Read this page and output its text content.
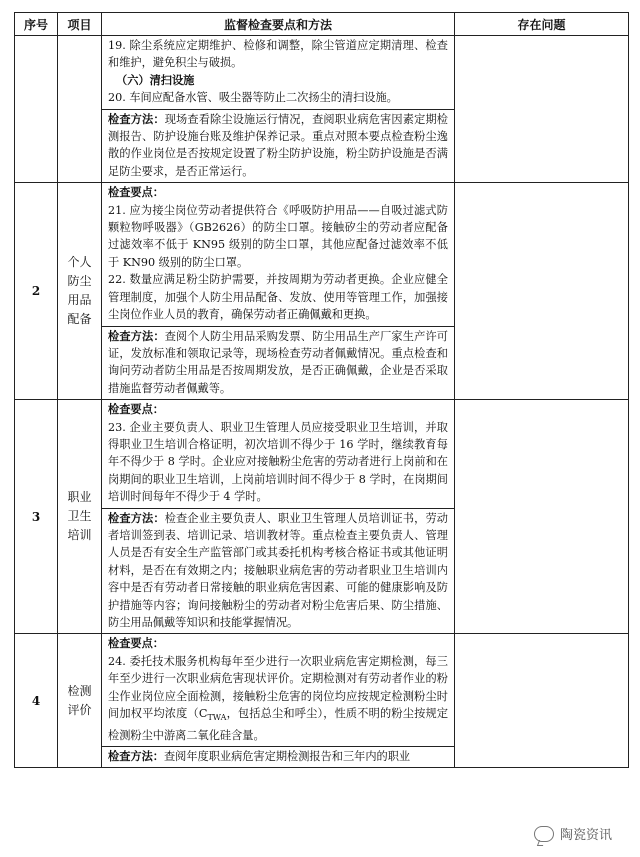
序号	项目	监督检查要点和方法	存在问题

		19. 除尘系统应定期维护、检修和调整，除尘管道应定期清理、检查和维护，避免积尘与破损。
（六）清扫设施
20. 车间应配备水管、吸尘器等防止二次扬尘的清扫设施。
检查方法：现场查看除尘设施运行情况，查阅职业病危害因素定期检测报告、防护设施台账及维护保养记录。重点对照本要点检查粉尘逸散的作业岗位是否按规定设置了粉尘防护设施，粉尘防护设施是否满足防尘要求，是否正常运行。	

2	个人防尘用品配备	检查要点：
21. 应为接尘岗位劳动者提供符合《呼吸防护用品——自吸过滤式防颗粒物呼吸器》（GB2626）的防尘口罩。接触矽尘的劳动者应配备过滤效率不低于 KN95 级别的防尘口罩，其他应配备过滤效率不低于 KN90 级别的防尘口罩。
22. 数量应满足粉尘防护需要，并按周期为劳动者更换。企业应健全管理制度，加强个人防尘用品配备、发放、使用等管理工作，加强接尘岗位作业人员的教育，确保劳动者正确佩戴和更换。
检查方法：查阅个人防尘用品采购发票、防尘用品生产厂家生产许可证，发放标准和领取记录等，现场检查劳动者佩戴情况。重点检查和询问劳动者防尘用品是否按周期发放，是否正确佩戴，企业是否采取措施监督劳动者佩戴等。	

3	职业卫生培训	检查要点：
23. 企业主要负责人、职业卫生管理人员应接受职业卫生培训，并取得职业卫生培训合格证明，初次培训不得少于 16 学时，继续教育每年不得少于 8 学时。企业应对接触粉尘危害的劳动者进行上岗前和在岗期间的职业卫生培训，上岗前培训时间不得少于 8 学时，在岗期间培训时间每年不得少于 4 学时。
检查方法：检查企业主要负责人、职业卫生管理人员培训证书，劳动者培训签到表、培训记录、培训教材等。重点检查主要负责人、管理人员是否有安全生产监管部门或其委托机构考核合格证书或其他证明材料，是否在有效期之内；接触职业病危害的劳动者职业卫生培训内容中是否有劳动者日常接触的职业病危害因素、可能的健康影响及防护措施等内容；询问接触粉尘的劳动者对粉尘危害后果、防尘措施、防尘用品佩戴等知识和技能掌握情况。	

4	检测评价	检查要点：
24. 委托技术服务机构每年至少进行一次职业病危害定期检测，每三年至少进行一次职业病危害现状评价。定期检测对有劳动者作业的粉尘作业岗位应全面检测，接触粉尘危害的岗位均应按规定检测粉尘时间加权平均浓度（$C_{TWA}$，包括总尘和呼尘），性质不明的粉尘按规定检测粉尘中游离二氧化硅含量。
检查方法：查阅年度职业病危害定期检测报告和三年内的职业	

陶瓷资讯
